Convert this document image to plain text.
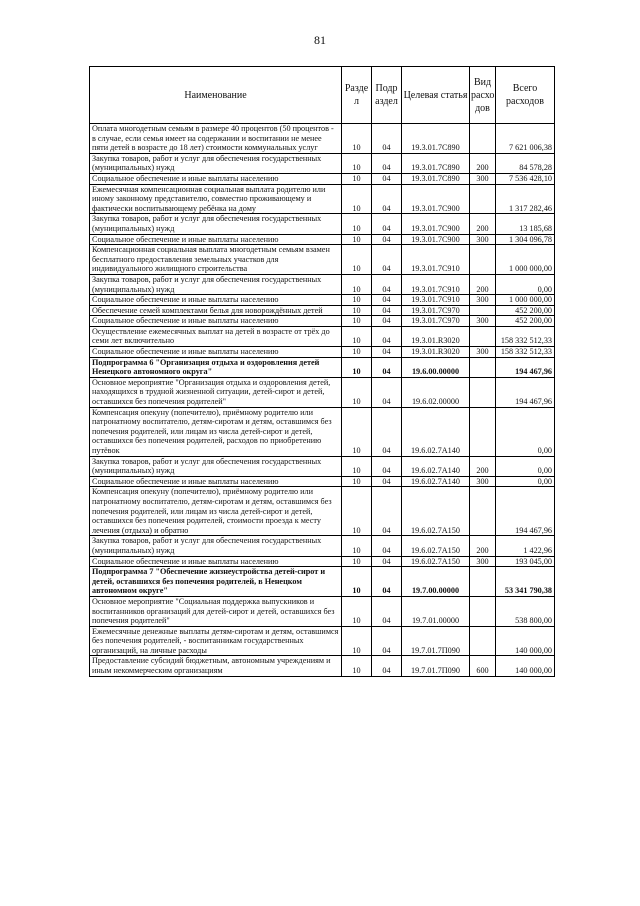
81
Наименование	Разде л	Подр аздел	Целевая статья	Вид расхо дов	Всего расходов
Оплата многодетным семьям в размере 40 процентов (50 процентов - в случае, если семья имеет на содержании и воспитании не менее пяти детей в возрасте до 18 лет) стоимости коммунальных услуг	10	04	19.3.01.7С890		7 621 006,38
Закупка товаров, работ и услуг для обеспечения государственных (муниципальных) нужд	10	04	19.3.01.7С890	200	84 578,28
Социальное обеспечение и иные выплаты населению	10	04	19.3.01.7С890	300	7 536 428,10
Ежемесячная компенсационная социальная выплата родителю или иному законному представителю, совместно проживающему и фактически воспитывающему ребёнка на дому	10	04	19.3.01.7С900		1 317 282,46
Закупка товаров, работ и услуг для обеспечения государственных (муниципальных) нужд	10	04	19.3.01.7С900	200	13 185,68
Социальное обеспечение и иные выплаты населению	10	04	19.3.01.7С900	300	1 304 096,78
Компенсационная социальная выплата многодетным семьям взамен бесплатного предоставления земельных участков для индивидуального жилищного строительства	10	04	19.3.01.7С910		1 000 000,00
Закупка товаров, работ и услуг для обеспечения государственных (муниципальных) нужд	10	04	19.3.01.7С910	200	0,00
Социальное обеспечение и иные выплаты населению	10	04	19.3.01.7С910	300	1 000 000,00
Обеспечение семей комплектами белья для новорождённых детей	10	04	19.3.01.7С970		452 200,00
Социальное обеспечение и иные выплаты населению	10	04	19.3.01.7С970	300	452 200,00
Осуществление ежемесячных выплат на детей в возрасте от трёх до семи лет включительно	10	04	19.3.01.R3020		158 332 512,33
Социальное обеспечение и иные выплаты населению	10	04	19.3.01.R3020	300	158 332 512,33
Подпрограмма 6 "Организация отдыха и оздоровления детей Ненецкого автономного округа"	10	04	19.6.00.00000		194 467,96
Основное мероприятие "Организация отдыха и оздоровления детей, находящихся в трудной жизненной ситуации, детей-сирот и детей, оставшихся без попечения родителей"	10	04	19.6.02.00000		194 467,96
Компенсация опекуну (попечителю), приёмному родителю или патронатному воспитателю, детям-сиротам и детям, оставшимся без попечения родителей, или лицам из числа детей-сирот и детей, оставшихся без попечения родителей, расходов по приобретению путёвок	10	04	19.6.02.7А140		0,00
Закупка товаров, работ и услуг для обеспечения государственных (муниципальных) нужд	10	04	19.6.02.7А140	200	0,00
Социальное обеспечение и иные выплаты населению	10	04	19.6.02.7А140	300	0,00
Компенсация опекуну (попечителю), приёмному родителю или патронатному воспитателю, детям-сиротам и детям, оставшимся без попечения родителей, или лицам из числа детей-сирот и детей, оставшихся без попечения родителей, стоимости проезда к месту лечения (отдыха) и обратно	10	04	19.6.02.7А150		194 467,96
Закупка товаров, работ и услуг для обеспечения государственных (муниципальных) нужд	10	04	19.6.02.7А150	200	1 422,96
Социальное обеспечение и иные выплаты населению	10	04	19.6.02.7А150	300	193 045,00
Подпрограмма 7 "Обеспечение жизнеустройства детей-сирот и детей, оставшихся без попечения родителей, в Ненецком автономном округе"	10	04	19.7.00.00000		53 341 790,38
Основное мероприятие "Социальная поддержка выпускников и воспитанников организаций для детей-сирот и детей, оставшихся без попечения родителей"	10	04	19.7.01.00000		538 800,00
Ежемесячные денежные выплаты детям-сиротам и детям, оставшимся без попечения родителей, - воспитанникам государственных организаций, на личные расходы	10	04	19.7.01.7П090		140 000,00
Предоставление субсидий бюджетным, автономным учреждениям и иным некоммерческим организациям	10	04	19.7.01.7П090	600	140 000,00
